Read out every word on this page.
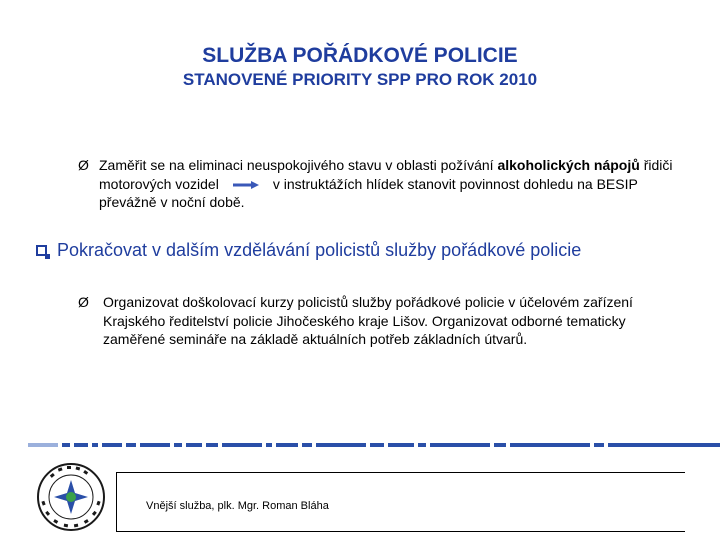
SLUŽBA POŘÁDKOVÉ POLICIE
STANOVENÉ PRIORITY SPP PRO ROK 2010
Ø Zaměřit se na eliminaci neuspokojivého stavu v oblasti požívání alkoholických nápojů řidiči motorových vozidel	v instruktážích hlídek stanovit povinnost dohledu na BESIP převážně v noční době.

Pokračovat v dalším vzdělávání policistů služby pořádkové policie

Ø Organizovat doškolovací kurzy policistů služby pořádkové policie v účelovém zařízení Krajského ředitelství policie Jihočeského kraje Lišov. Organizovat odborné tematicky zaměřené semináře na základě aktuálních potřeb základních útvarů.

Vnější služba, plk. Mgr. Roman Bláha
